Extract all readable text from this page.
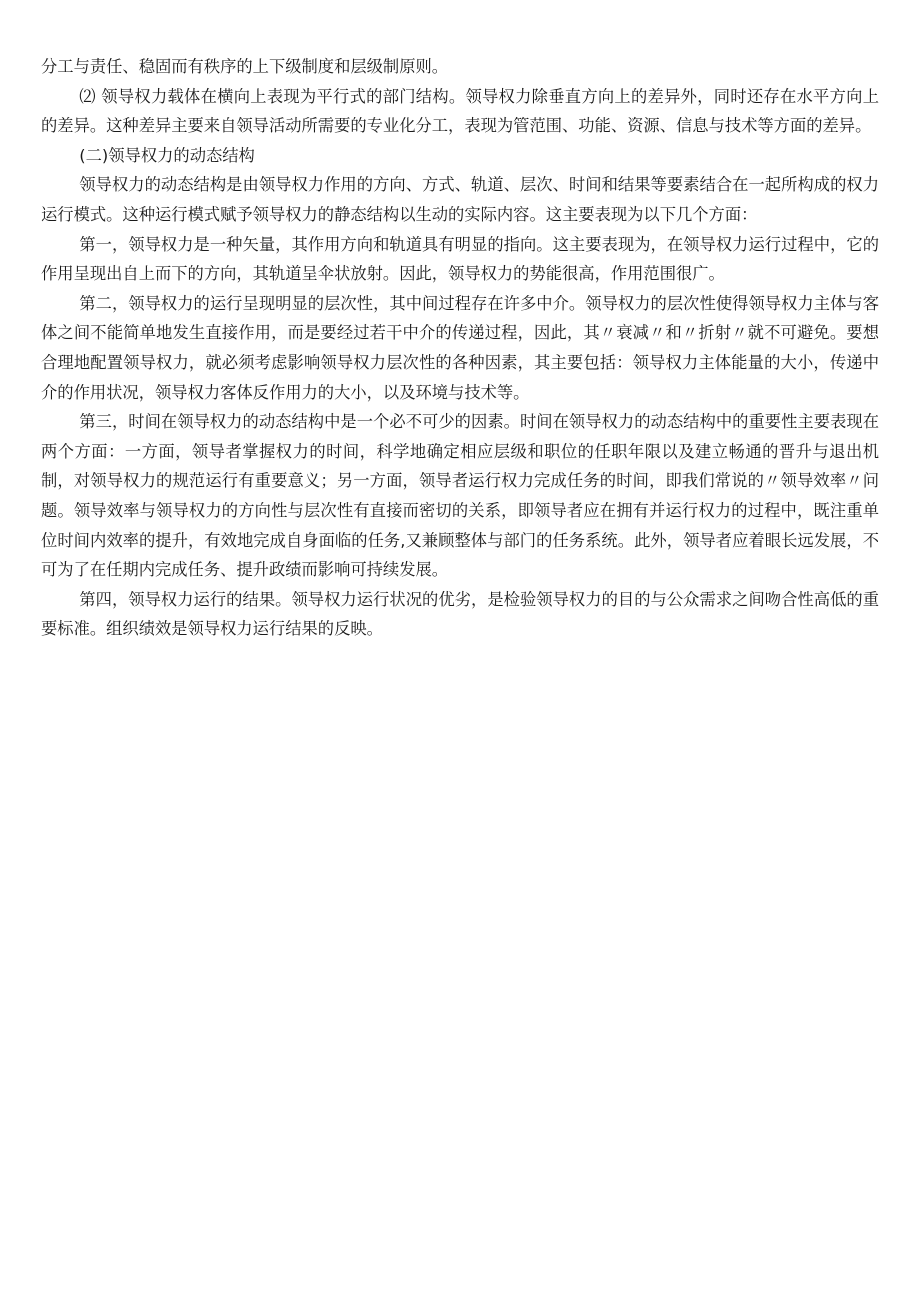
分工与责任、稳固而有秩序的上下级制度和层级制原则。

⑵ 领导权力载体在横向上表现为平行式的部门结构。领导权力除垂直方向上的差异外，同时还存在水平方向上的差异。这种差异主要来自领导活动所需要的专业化分工，表现为管范围、功能、资源、信息与技术等方面的差异。

(二)领导权力的动态结构

领导权力的动态结构是由领导权力作用的方向、方式、轨道、层次、时间和结果等要素结合在一起所构成的权力运行模式。这种运行模式赋予领导权力的静态结构以生动的实际内容。这主要表现为以下几个方面：

第一，领导权力是一种矢量，其作用方向和轨道具有明显的指向。这主要表现为，在领导权力运行过程中，它的作用呈现出自上而下的方向，其轨道呈伞状放射。因此，领导权力的势能很高，作用范围很广。

第二，领导权力的运行呈现明显的层次性，其中间过程存在许多中介。领导权力的层次性使得领导权力主体与客体之间不能简单地发生直接作用，而是要经过若干中介的传递过程，因此，其〃衰减〃和〃折射〃就不可避免。要想合理地配置领导权力，就必须考虑影响领导权力层次性的各种因素，其主要包括：领导权力主体能量的大小，传递中介的作用状况，领导权力客体反作用力的大小，以及环境与技术等。

第三，时间在领导权力的动态结构中是一个必不可少的因素。时间在领导权力的动态结构中的重要性主要表现在两个方面：一方面，领导者掌握权力的时间，科学地确定相应层级和职位的任职年限以及建立畅通的晋升与退出机制，对领导权力的规范运行有重要意义；另一方面，领导者运行权力完成任务的时间，即我们常说的〃领导效率〃问题。领导效率与领导权力的方向性与层次性有直接而密切的关系，即领导者应在拥有并运行权力的过程中，既注重单位时间内效率的提升，有效地完成自身面临的任务,又兼顾整体与部门的任务系统。此外，领导者应着眼长远发展，不可为了在任期内完成任务、提升政绩而影响可持续发展。

第四，领导权力运行的结果。领导权力运行状况的优劣，是检验领导权力的目的与公众需求之间吻合性高低的重要标准。组织绩效是领导权力运行结果的反映。
